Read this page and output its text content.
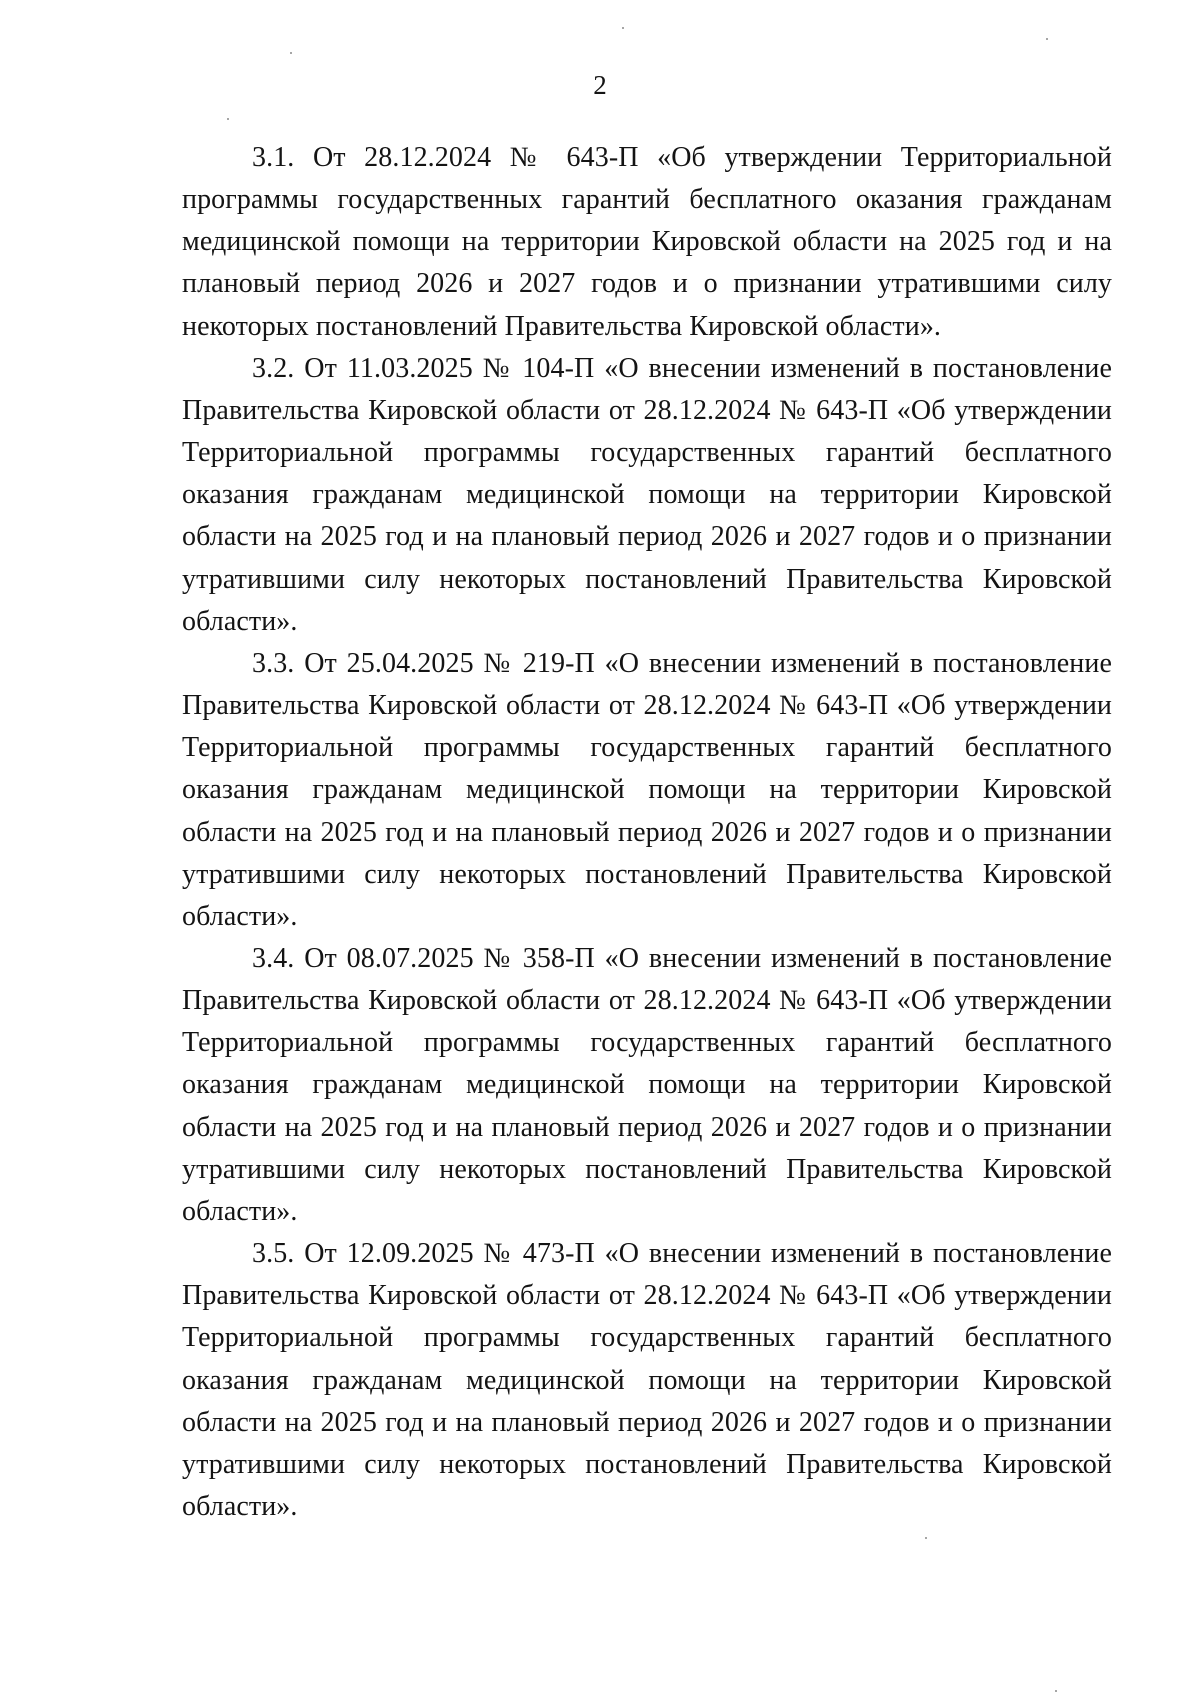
2

3.1. От 28.12.2024 № 643-П «Об утверждении Территориальной программы государственных гарантий бесплатного оказания гражданам медицинской помощи на территории Кировской области на 2025 год и на плановый период 2026 и 2027 годов и о признании утратившими силу некоторых постановлений Правительства Кировской области».

3.2. От 11.03.2025 № 104-П «О внесении изменений в постановление Правительства Кировской области от 28.12.2024 № 643-П «Об утверждении Территориальной программы государственных гарантий бесплатного оказания гражданам медицинской помощи на территории Кировской области на 2025 год и на плановый период 2026 и 2027 годов и о признании утратившими силу некоторых постановлений Правительства Кировской области».

3.3. От 25.04.2025 № 219-П «О внесении изменений в постановление Правительства Кировской области от 28.12.2024 № 643-П «Об утверждении Территориальной программы государственных гарантий бесплатного оказания гражданам медицинской помощи на территории Кировской области на 2025 год и на плановый период 2026 и 2027 годов и о признании утратившими силу некоторых постановлений Правительства Кировской области».

3.4. От 08.07.2025 № 358-П «О внесении изменений в постановление Правительства Кировской области от 28.12.2024 № 643-П «Об утверждении Территориальной программы государственных гарантий бесплатного оказания гражданам медицинской помощи на территории Кировской области на 2025 год и на плановый период 2026 и 2027 годов и о признании утратившими силу некоторых постановлений Правительства Кировской области».

3.5. От 12.09.2025 № 473-П «О внесении изменений в постановление Правительства Кировской области от 28.12.2024 № 643-П «Об утверждении Территориальной программы государственных гарантий бесплатного оказания гражданам медицинской помощи на территории Кировской области на 2025 год и на плановый период 2026 и 2027 годов и о признании утратившими силу некоторых постановлений Правительства Кировской области».
